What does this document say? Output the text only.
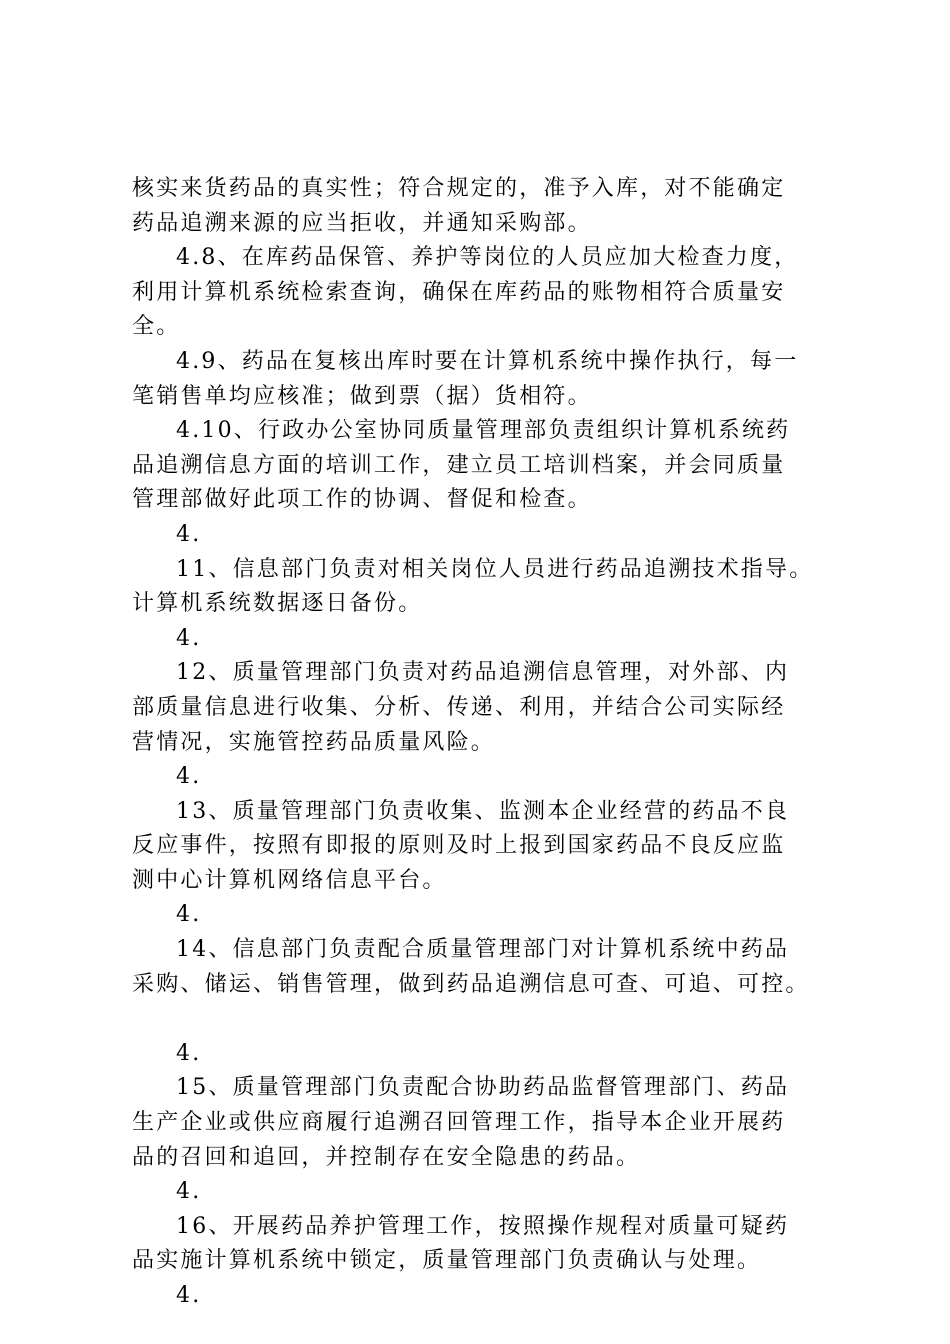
核实来货药品的真实性；符合规定的，准予入库，对不能确定
药品追溯来源的应当拒收，并通知采购部。
4.8、在库药品保管、养护等岗位的人员应加大检查力度，
利用计算机系统检索查询，确保在库药品的账物相符合质量安
全。
4.9、药品在复核出库时要在计算机系统中操作执行，每一
笔销售单均应核准；做到票（据）货相符。
4.10、行政办公室协同质量管理部负责组织计算机系统药
品追溯信息方面的培训工作，建立员工培训档案，并会同质量
管理部做好此项工作的协调、督促和检查。
4.
11、信息部门负责对相关岗位人员进行药品追溯技术指导。
计算机系统数据逐日备份。
4.
12、质量管理部门负责对药品追溯信息管理，对外部、内
部质量信息进行收集、分析、传递、利用，并结合公司实际经
营情况，实施管控药品质量风险。
4.
13、质量管理部门负责收集、监测本企业经营的药品不良
反应事件，按照有即报的原则及时上报到国家药品不良反应监
测中心计算机网络信息平台。
4.
14、信息部门负责配合质量管理部门对计算机系统中药品
采购、储运、销售管理，做到药品追溯信息可查、可追、可控。
4.
15、质量管理部门负责配合协助药品监督管理部门、药品
生产企业或供应商履行追溯召回管理工作，指导本企业开展药
品的召回和追回，并控制存在安全隐患的药品。
4.
16、开展药品养护管理工作，按照操作规程对质量可疑药
品实施计算机系统中锁定，质量管理部门负责确认与处理。
4.
